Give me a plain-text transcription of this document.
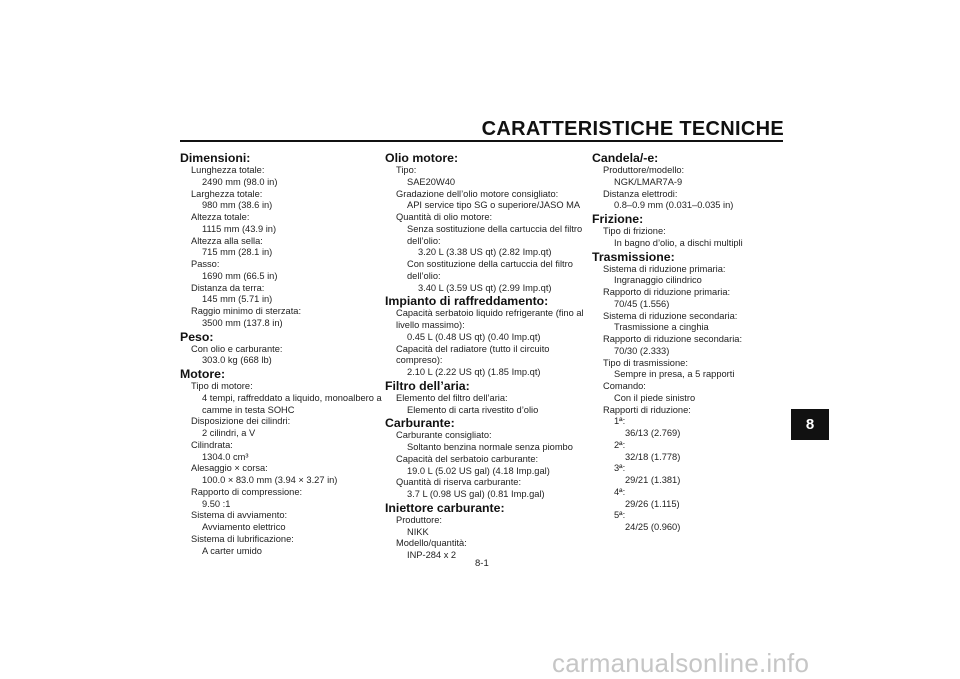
CARATTERISTICHE TECNICHE
8
Dimensioni:
Lunghezza totale:
2490 mm (98.0 in)
Larghezza totale:
980 mm (38.6 in)
Altezza totale:
1115 mm (43.9 in)
Altezza alla sella:
715 mm (28.1 in)
Passo:
1690 mm (66.5 in)
Distanza da terra:
145 mm (5.71 in)
Raggio minimo di sterzata:
3500 mm (137.8 in)
Peso:
Con olio e carburante:
303.0 kg (668 lb)
Motore:
Tipo di motore:
4 tempi, raffreddato a liquido, monoalbero a
camme in testa SOHC
Disposizione dei cilindri:
2 cilindri, a V
Cilindrata:
1304.0 cm³
Alesaggio × corsa:
100.0 × 83.0 mm (3.94 × 3.27 in)
Rapporto di compressione:
9.50 :1
Sistema di avviamento:
Avviamento elettrico
Sistema di lubrificazione:
A carter umido
Olio motore:
Tipo:
SAE20W40
Gradazione dell’olio motore consigliato:
API service tipo SG o superiore/JASO MA
Quantità di olio motore:
Senza sostituzione della cartuccia del filtro
dell’olio:
3.20 L (3.38 US qt) (2.82 Imp.qt)
Con sostituzione della cartuccia del filtro
dell’olio:
3.40 L (3.59 US qt) (2.99 Imp.qt)
Impianto di raffreddamento:
Capacità serbatoio liquido refrigerante (fino al
livello massimo):
0.45 L (0.48 US qt) (0.40 Imp.qt)
Capacità del radiatore (tutto il circuito
compreso):
2.10 L (2.22 US qt) (1.85 Imp.qt)
Filtro dell’aria:
Elemento del filtro dell’aria:
Elemento di carta rivestito d’olio
Carburante:
Carburante consigliato:
Soltanto benzina normale senza piombo
Capacità del serbatoio carburante:
19.0 L (5.02 US gal) (4.18 Imp.gal)
Quantità di riserva carburante:
3.7 L (0.98 US gal) (0.81 Imp.gal)
Iniettore carburante:
Produttore:
NIKK
Modello/quantità:
INP-284 x 2
Candela/-e:
Produttore/modello:
NGK/LMAR7A-9
Distanza elettrodi:
0.8–0.9 mm (0.031–0.035 in)
Frizione:
Tipo di frizione:
In bagno d’olio, a dischi multipli
Trasmissione:
Sistema di riduzione primaria:
Ingranaggio cilindrico
Rapporto di riduzione primaria:
70/45 (1.556)
Sistema di riduzione secondaria:
Trasmissione a cinghia
Rapporto di riduzione secondaria:
70/30 (2.333)
Tipo di trasmissione:
Sempre in presa, a 5 rapporti
Comando:
Con il piede sinistro
Rapporti di riduzione:
1ª:
36/13 (2.769)
2ª:
32/18 (1.778)
3ª:
29/21 (1.381)
4ª:
29/26 (1.115)
5ª:
24/25 (0.960)
8-1
carmanualsonline.info
